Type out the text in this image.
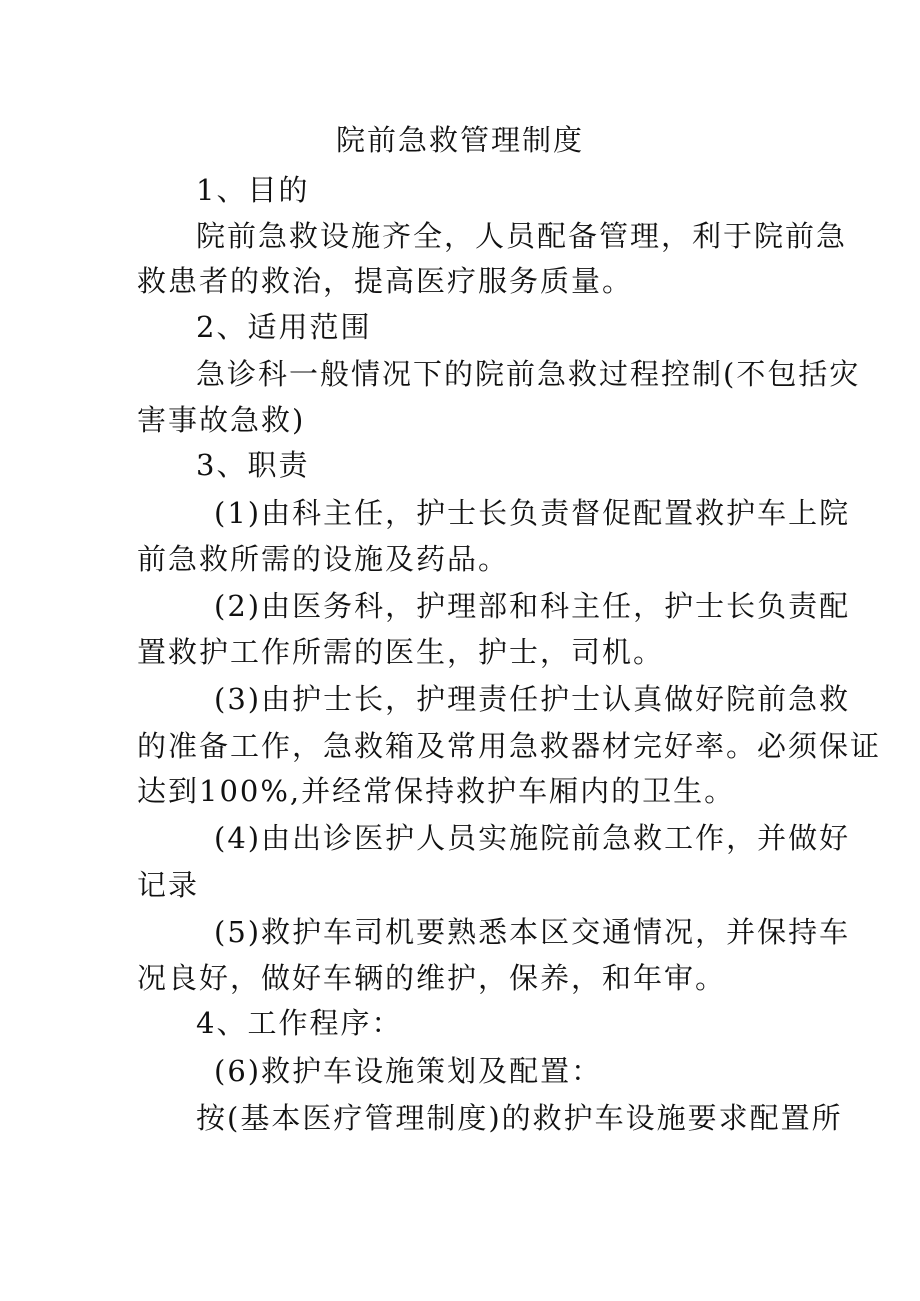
院前急救管理制度
1、目的
院前急救设施齐全，人员配备管理，利于院前急
救患者的救治，提高医疗服务质量。
2、适用范围
急诊科一般情况下的院前急救过程控制(不包括灾
害事故急救)
3、职责
(1)由科主任，护士长负责督促配置救护车上院
前急救所需的设施及药品。
(2)由医务科，护理部和科主任，护士长负责配
置救护工作所需的医生，护士，司机。
(3)由护士长，护理责任护士认真做好院前急救
的准备工作，急救箱及常用急救器材完好率。必须保证
达到100%,并经常保持救护车厢内的卫生。
(4)由出诊医护人员实施院前急救工作，并做好
记录
(5)救护车司机要熟悉本区交通情况，并保持车
况良好，做好车辆的维护，保养，和年审。
4、工作程序：
(6)救护车设施策划及配置：
按(基本医疗管理制度)的救护车设施要求配置所
